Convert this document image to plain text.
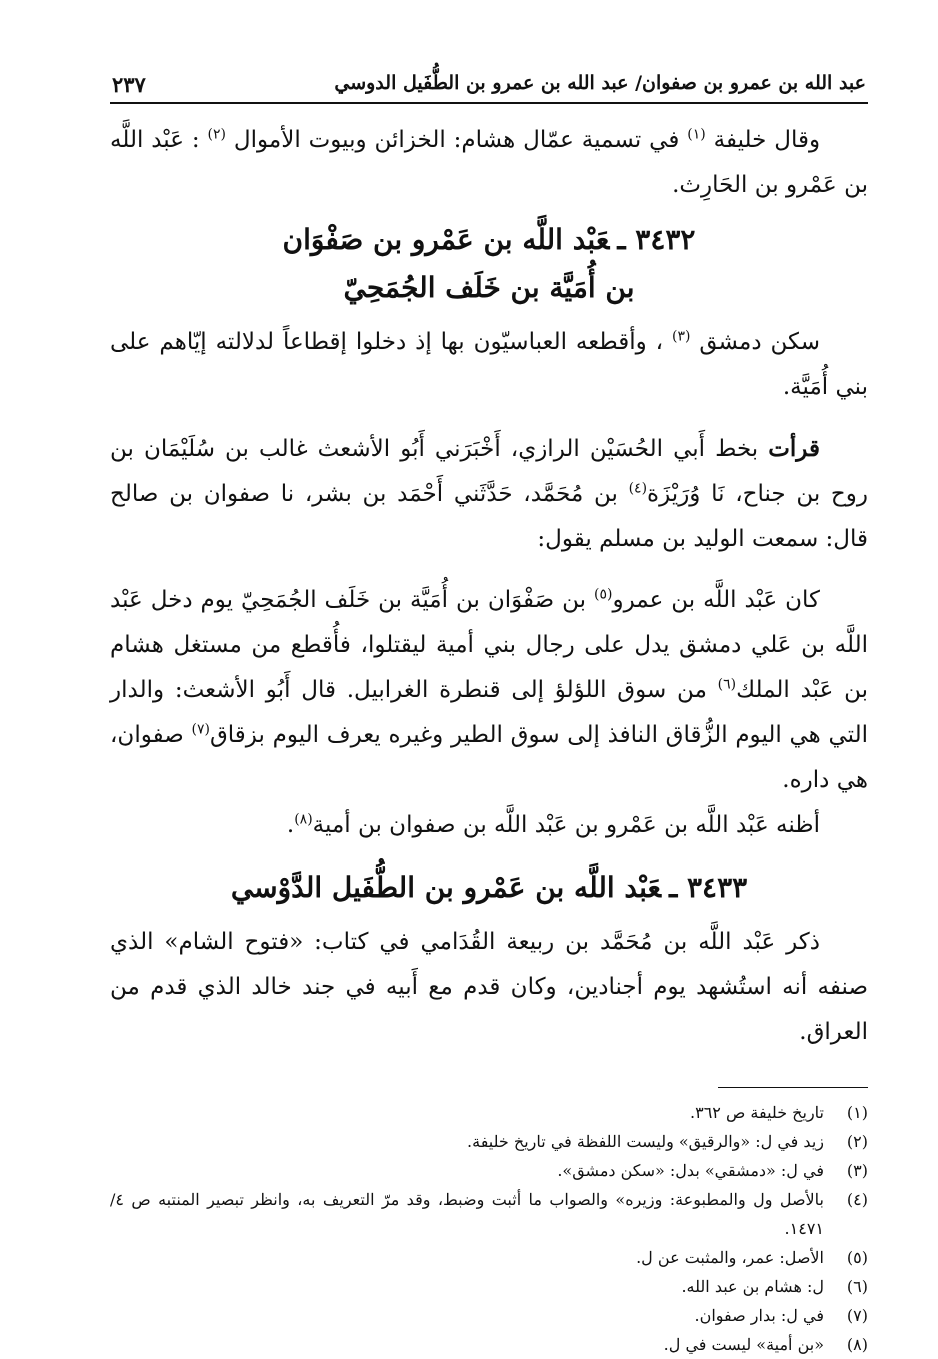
عبد الله بن عمرو بن صفوان/ عبد الله بن عمرو بن الطُّفَيل الدوسي
٢٣٧

وقال خليفة $^{(١)}$ في تسمية عمّال هشام: الخزائن وبيوت الأموال $^{(٢)}$ : عَبْد اللَّه بن عَمْرو بن الحَارِث.

٣٤٣٢ ـعَبْد اللَّه بن عَمْرو بن صَفْوَان
بن أُمَيَّة بن خَلَف الجُمَحِيّ

سكن دمشق $^{(٣)}$ ، وأقطعه العباسيّون بها إذ دخلوا إقطاعاً لدلالته إيّاهم على بني أُمَيَّة.

قرأت بخط أَبي الحُسَيْن الرازي، أَخْبَرَني أَبُو الأشعث غالب بن سُلَيْمَان بن روح بن جناح، نَا وُرَيْزَة$^{(٤)}$ بن مُحَمَّد، حَدَّثَني أَحْمَد بن بشر، نا صفوان بن صالح قال: سمعت الوليد بن مسلم يقول:

كان عَبْد اللَّه بن عمرو$^{(٥)}$ بن صَفْوَان بن أُمَيَّة بن خَلَف الجُمَحِيّ يوم دخل عَبْد اللَّه بن عَلي دمشق يدل على رجال بني أمية ليقتلوا، فأُقطع من مستغل هشام بن عَبْد الملك$^{(٦)}$ من سوق اللؤلؤ إلى قنطرة الغرابيل. قال أَبُو الأشعث: والدار التي هي اليوم الزُّقاق النافذ إلى سوق الطير وغيره يعرف اليوم بزقاق$^{(٧)}$ صفوان، هي داره.

أظنه عَبْد اللَّه بن عَمْرو بن عَبْد اللَّه بن صفوان بن أمية$^{(٨)}$.

٣٤٣٣ ـعَبْد اللَّه بن عَمْرو بن الطُّفَيل الدَّوْسي

ذكر عَبْد اللَّه بن مُحَمَّد بن ربيعة القُدَامي في كتاب: «فتوح الشام» الذي صنفه أنه استُشهد يوم أجنادين، وكان قدم مع أَبيه في جند خالد الذي قدم من العراق.

(١)
تاريخ خليفة ص ٣٦٢.
(٢)
زيد في ل: «والرقيق» وليست اللفظة في تاريخ خليفة.
(٣)
في ل: «دمشقي» بدل: «سكن دمشق».
(٤)
بالأصل ول والمطبوعة: وزيره» والصواب ما أثبت وضبط، وقد مرّ التعريف به، وانظر تبصير المنتبه ص ٤/ ١٤٧١.
(٥)
الأصل: عمر، والمثبت عن ل.
(٦)
ل: هشام بن عبد الله.
(٧)
في ل: بدار صفوان.
(٨)
«بن أمية» ليست في ل.
